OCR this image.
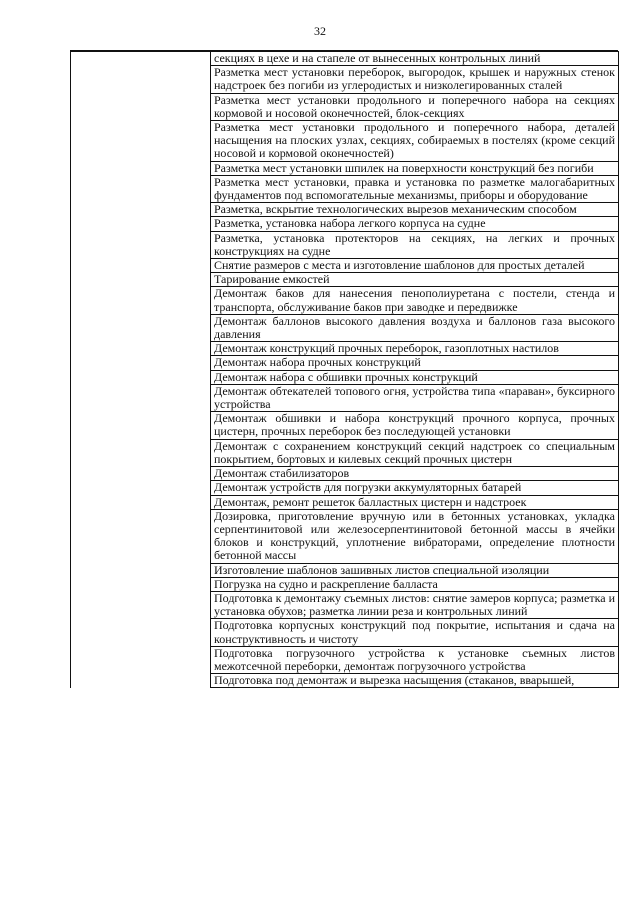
32

секциях в цехе и на стапеле от вынесенных контрольных линий

Разметка мест установки переборок, выгородок, крышек и наружных стенок надстроек без погиби из углеродистых и низколегированных сталей

Разметка мест установки продольного и поперечного набора на секциях кормовой и носовой оконечностей, блок-секциях

Разметка мест установки продольного и поперечного набора, деталей насыщения на плоских узлах, секциях, собираемых в постелях (кроме секций носовой и кормовой оконечностей)

Разметка мест установки шпилек на поверхности конструкций без погиби

Разметка мест установки, правка и установка по разметке малогабаритных фундаментов под вспомогательные механизмы, приборы и оборудование

Разметка, вскрытие технологических вырезов механическим способом

Разметка, установка набора легкого корпуса на судне

Разметка, установка протекторов на секциях, на легких и прочных конструкциях на судне

Снятие размеров с места и изготовление шаблонов для простых деталей

Тарирование емкостей

Демонтаж баков для нанесения пенополиуретана с постели, стенда и транспорта, обслуживание баков при заводке и передвижке

Демонтаж баллонов высокого давления воздуха и баллонов газа высокого давления

Демонтаж конструкций прочных переборок, газоплотных настилов

Демонтаж набора прочных конструкций

Демонтаж набора с обшивки прочных конструкций

Демонтаж обтекателей топового огня, устройства типа «параван», буксирного устройства

Демонтаж обшивки и набора конструкций прочного корпуса, прочных цистерн, прочных переборок без последующей установки

Демонтаж с сохранением конструкций секций надстроек со специальным покрытием, бортовых и килевых секций прочных цистерн

Демонтаж стабилизаторов

Демонтаж устройств для погрузки аккумуляторных батарей

Демонтаж, ремонт решеток балластных цистерн и надстроек

Дозировка, приготовление вручную или в бетонных установках, укладка серпентинитовой или железосерпентинитовой бетонной массы в ячейки блоков и конструкций, уплотнение вибраторами, определение плотности бетонной массы

Изготовление шаблонов зашивных листов специальной изоляции

Погрузка на судно и раскрепление балласта

Подготовка к демонтажу съемных листов: снятие замеров корпуса; разметка и установка обухов; разметка линии реза и контрольных линий

Подготовка корпусных конструкций под покрытие, испытания и сдача на конструктивность и чистоту

Подготовка погрузочного устройства к установке съемных листов межотсечной переборки, демонтаж погрузочного устройства

Подготовка под демонтаж и вырезка насыщения (стаканов, вварышей,
